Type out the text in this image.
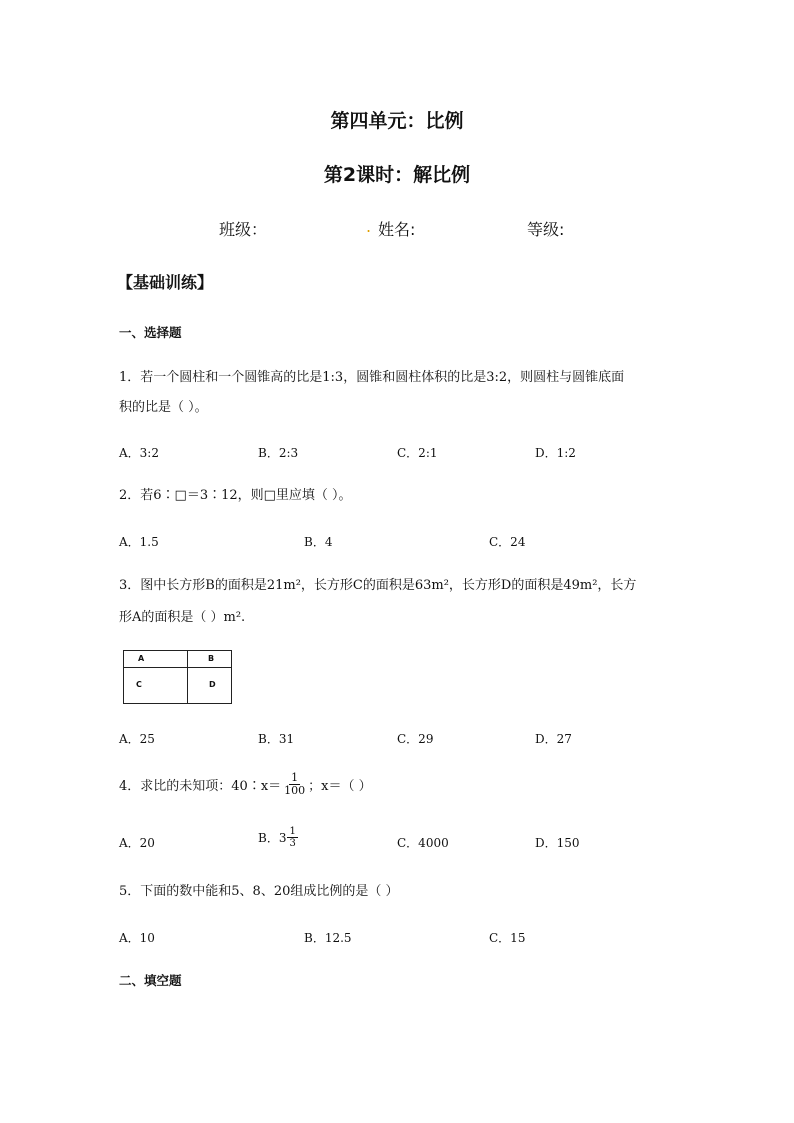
第四单元：比例
第2课时：解比例
班级：	. 姓名:	等级:
【基础训练】
一、选择题
1．若一个圆柱和一个圆锥高的比是1:3，圆锥和圆柱体积的比是3:2，则圆柱与圆锥底面
积的比是（ ）。
A．3:2	B．2:3	C．2:1	D．1:2
2．若6∶□＝3∶12，则□里应填（ ）。
A．1.5	B．4	C．24
3．图中长方形B的面积是21m²，长方形C的面积是63m²，长方形D的面积是49m²，长方
形A的面积是（ ）m².
A	B
C	D
A．25	B．31	C．29	D．27
4．求比的未知项：40∶x＝ $\frac{1}{100}$ ；x＝（ ）
A．20	B．$3 \frac{1}{3}$	C．4000	D．150
5．下面的数中能和5、8、20组成比例的是（ ）
A．10	B．12.5	C．15
二、填空题
